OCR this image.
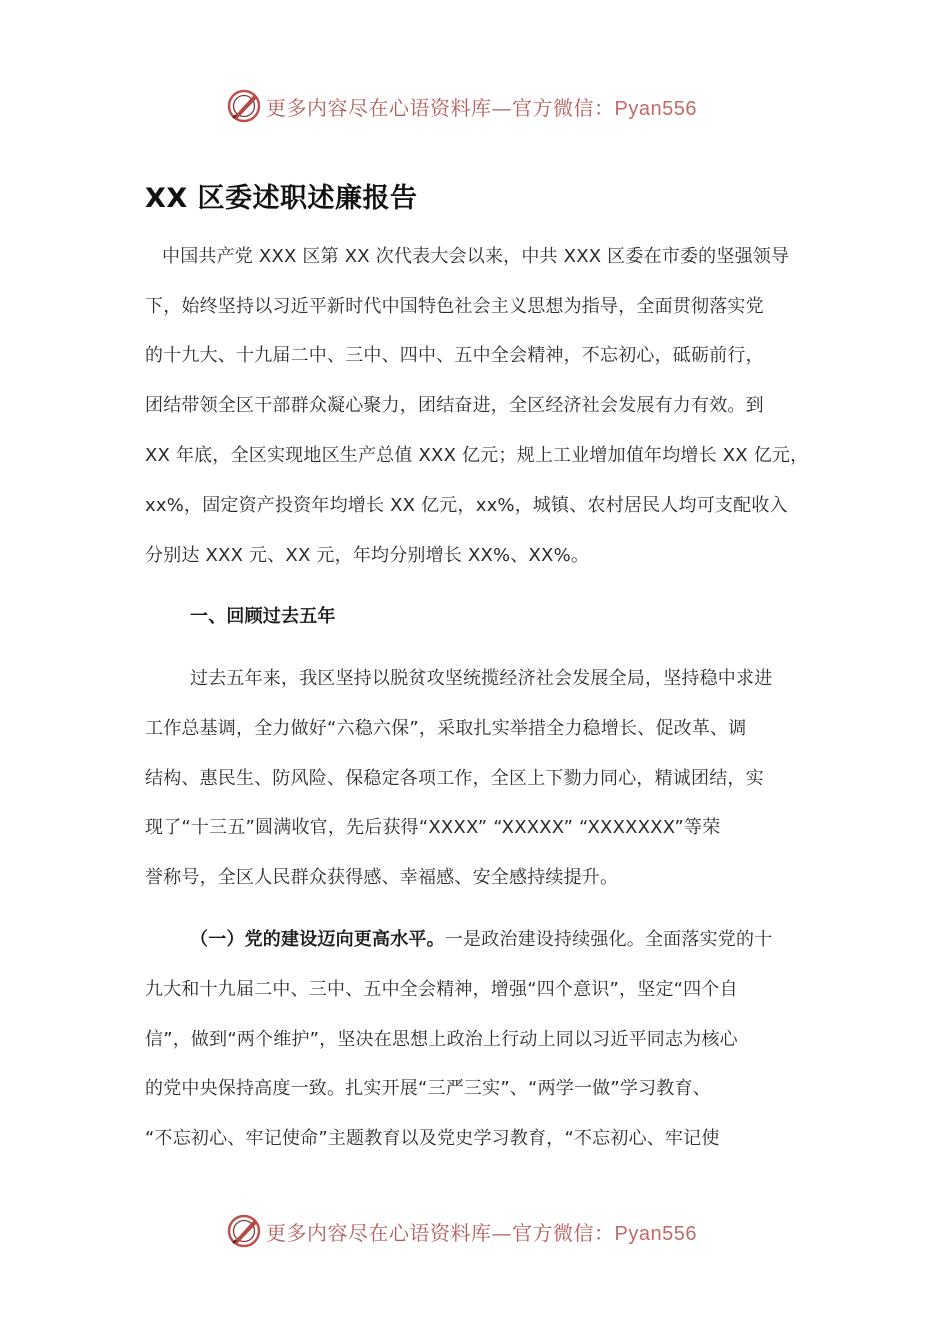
更多内容尽在心语资料库—官方微信：Pyan556
XX 区委述职述廉报告
中国共产党 XXX 区第 XX 次代表大会以来，中共 XXX 区委在市委的坚强领导
下，始终坚持以习近平新时代中国特色社会主义思想为指导，全面贯彻落实党
的十九大、十九届二中、三中、四中、五中全会精神，不忘初心，砥砺前行，
团结带领全区干部群众凝心聚力，团结奋进，全区经济社会发展有力有效。到
XX 年底，全区实现地区生产总值 XXX 亿元；规上工业增加值年均增长 XX 亿元，
xx%，固定资产投资年均增长 XX 亿元，xx%，城镇、农村居民人均可支配收入
分别达 XXX 元、XX 元，年均分别增长 XX%、XX%。
一、回顾过去五年
过去五年来，我区坚持以脱贫攻坚统揽经济社会发展全局，坚持稳中求进
工作总基调，全力做好“六稳六保”，采取扎实举措全力稳增长、促改革、调
结构、惠民生、防风险、保稳定各项工作，全区上下勠力同心，精诚团结，实
现了“十三五”圆满收官，先后获得“XXXX” “XXXXX” “XXXXXXX”等荣
誉称号，全区人民群众获得感、幸福感、安全感持续提升。
（一）党的建设迈向更高水平。一是政治建设持续强化。全面落实党的十
九大和十九届二中、三中、五中全会精神，增强“四个意识”，坚定“四个自
信”，做到“两个维护”，坚决在思想上政治上行动上同以习近平同志为核心
的党中央保持高度一致。扎实开展“三严三实”、“两学一做”学习教育、
“不忘初心、牢记使命”主题教育以及党史学习教育，“不忘初心、牢记使
更多内容尽在心语资料库—官方微信：Pyan556
